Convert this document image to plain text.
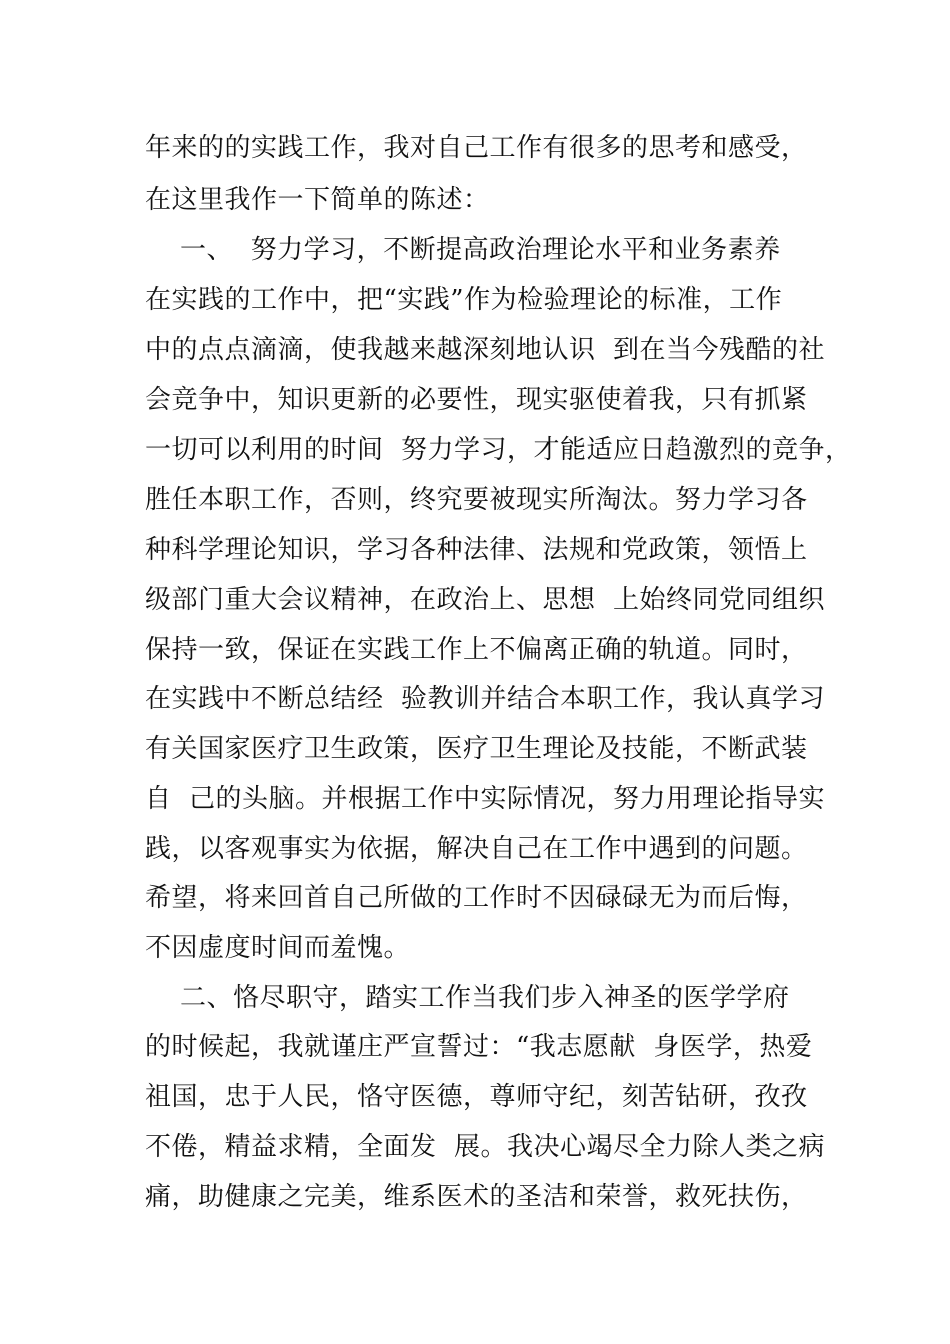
年来的的实践工作，我对自己工作有很多的思考和感受，
在这里我作一下简单的陈述：
一、  努力学习，不断提高政治理论水平和业务素养
在实践的工作中，把“实践”作为检验理论的标准，工作
中的点点滴滴，使我越来越深刻地认识  到在当今残酷的社
会竞争中，知识更新的必要性，现实驱使着我，只有抓紧
一切可以利用的时间  努力学习，才能适应日趋激烈的竞争，
胜任本职工作，否则，终究要被现实所淘汰。努力学习各
种科学理论知识，学习各种法律、法规和党政策，领悟上
级部门重大会议精神，在政治上、思想  上始终同党同组织
保持一致，保证在实践工作上不偏离正确的轨道。同时，
在实践中不断总结经  验教训并结合本职工作，我认真学习
有关国家医疗卫生政策，医疗卫生理论及技能，不断武装
自  己的头脑。并根据工作中实际情况，努力用理论指导实
践，以客观事实为依据，解决自己在工作中遇到的问题。
希望，将来回首自己所做的工作时不因碌碌无为而后悔，
不因虚度时间而羞愧。
二、恪尽职守，踏实工作当我们步入神圣的医学学府
的时候起，我就谨庄严宣誓过：“我志愿献  身医学，热爱
祖国，忠于人民，恪守医德，尊师守纪，刻苦钻研，孜孜
不倦，精益求精，全面发  展。我决心竭尽全力除人类之病
痛，助健康之完美，维系医术的圣洁和荣誉，救死扶伤，
